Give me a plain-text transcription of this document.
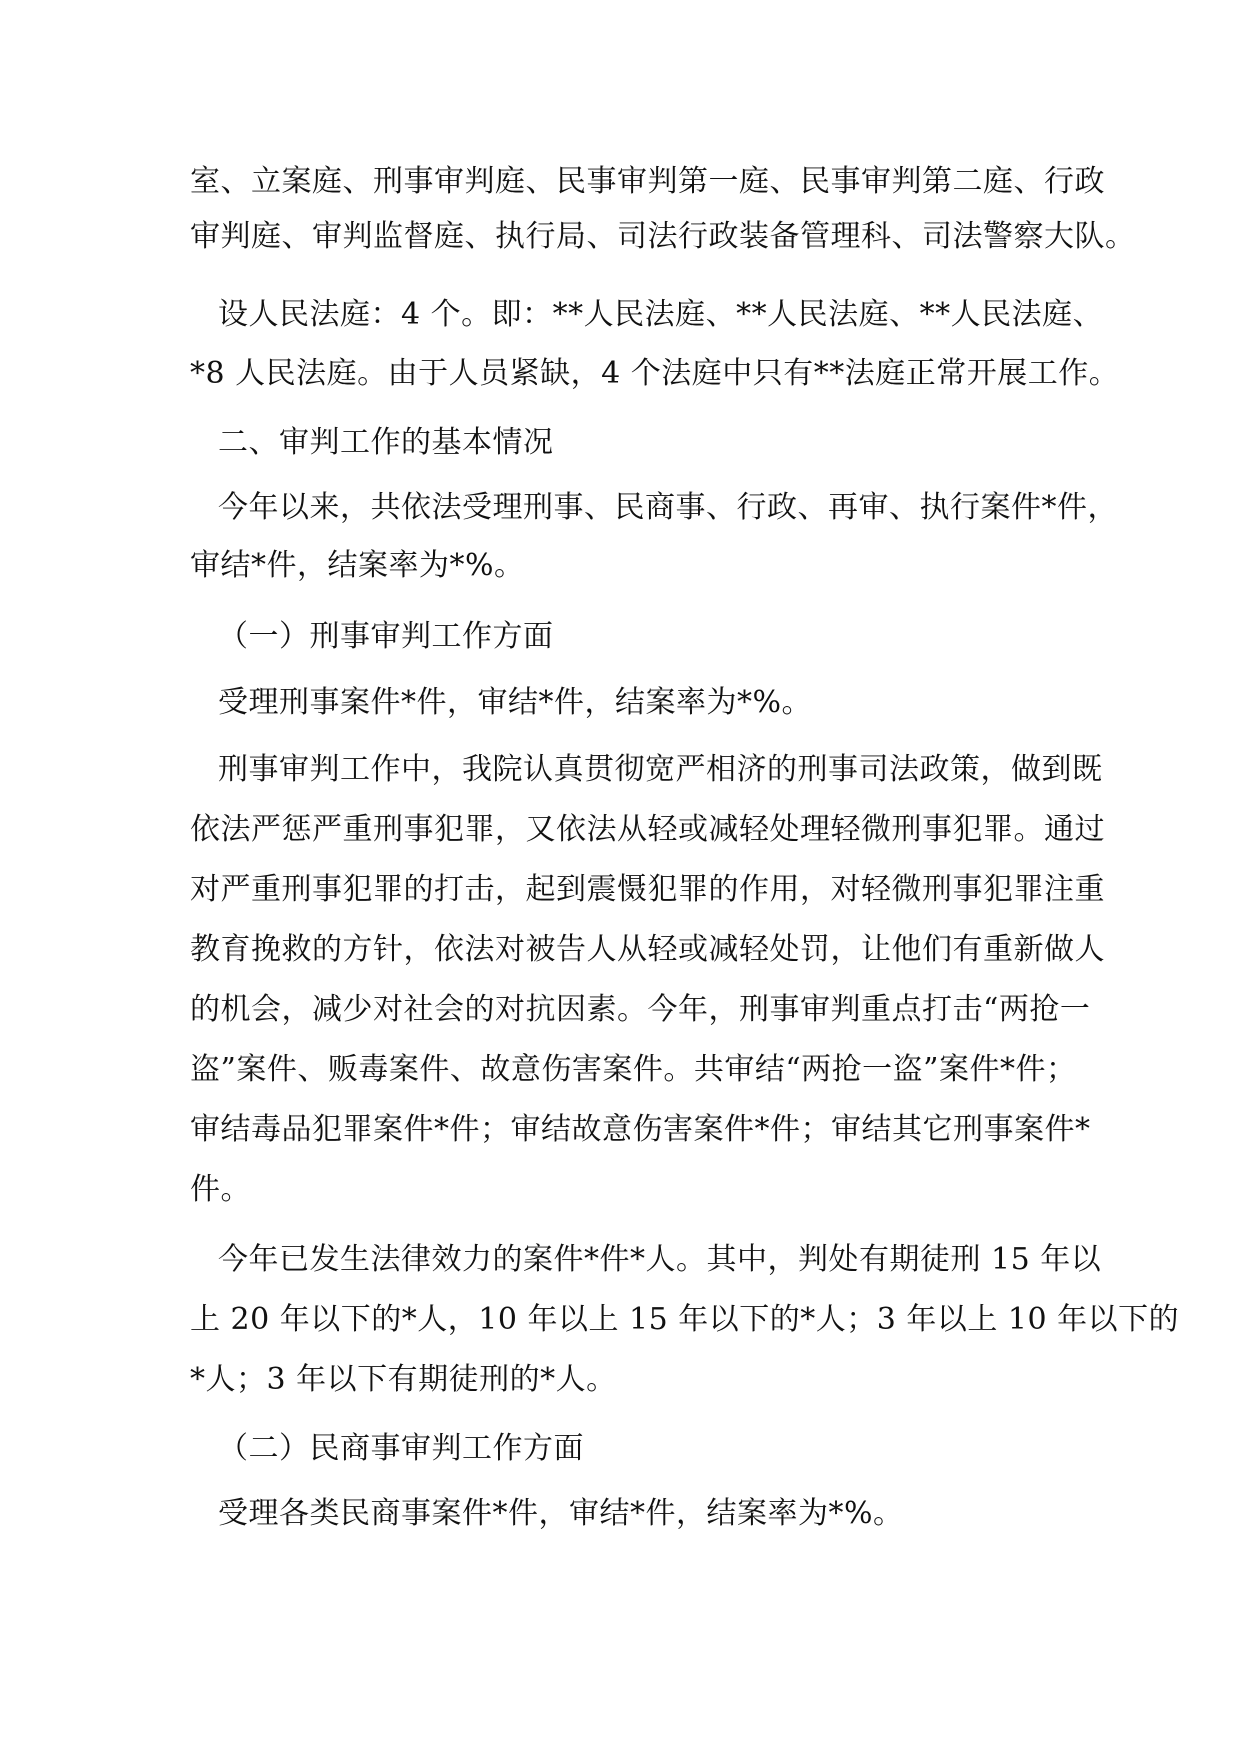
室、立案庭、刑事审判庭、民事审判第一庭、民事审判第二庭、行政
审判庭、审判监督庭、执行局、司法行政装备管理科、司法警察大队。
设人民法庭：4 个。即：**人民法庭、**人民法庭、**人民法庭、
*8 人民法庭。由于人员紧缺，4 个法庭中只有**法庭正常开展工作。
二、审判工作的基本情况
今年以来，共依法受理刑事、民商事、行政、再审、执行案件*件，
审结*件，结案率为*%。
（一）刑事审判工作方面
受理刑事案件*件，审结*件，结案率为*%。
刑事审判工作中，我院认真贯彻宽严相济的刑事司法政策，做到既
依法严惩严重刑事犯罪，又依法从轻或减轻处理轻微刑事犯罪。通过
对严重刑事犯罪的打击，起到震慑犯罪的作用，对轻微刑事犯罪注重
教育挽救的方针，依法对被告人从轻或减轻处罚，让他们有重新做人
的机会，减少对社会的对抗因素。今年，刑事审判重点打击“两抢一
盗”案件、贩毒案件、故意伤害案件。共审结“两抢一盗”案件*件；
审结毒品犯罪案件*件；审结故意伤害案件*件；审结其它刑事案件*
件。
今年已发生法律效力的案件*件*人。其中，判处有期徒刑 15 年以
上 20 年以下的*人，10 年以上 15 年以下的*人；3 年以上 10 年以下的
*人；3 年以下有期徒刑的*人。
（二）民商事审判工作方面
受理各类民商事案件*件，审结*件，结案率为*%。
